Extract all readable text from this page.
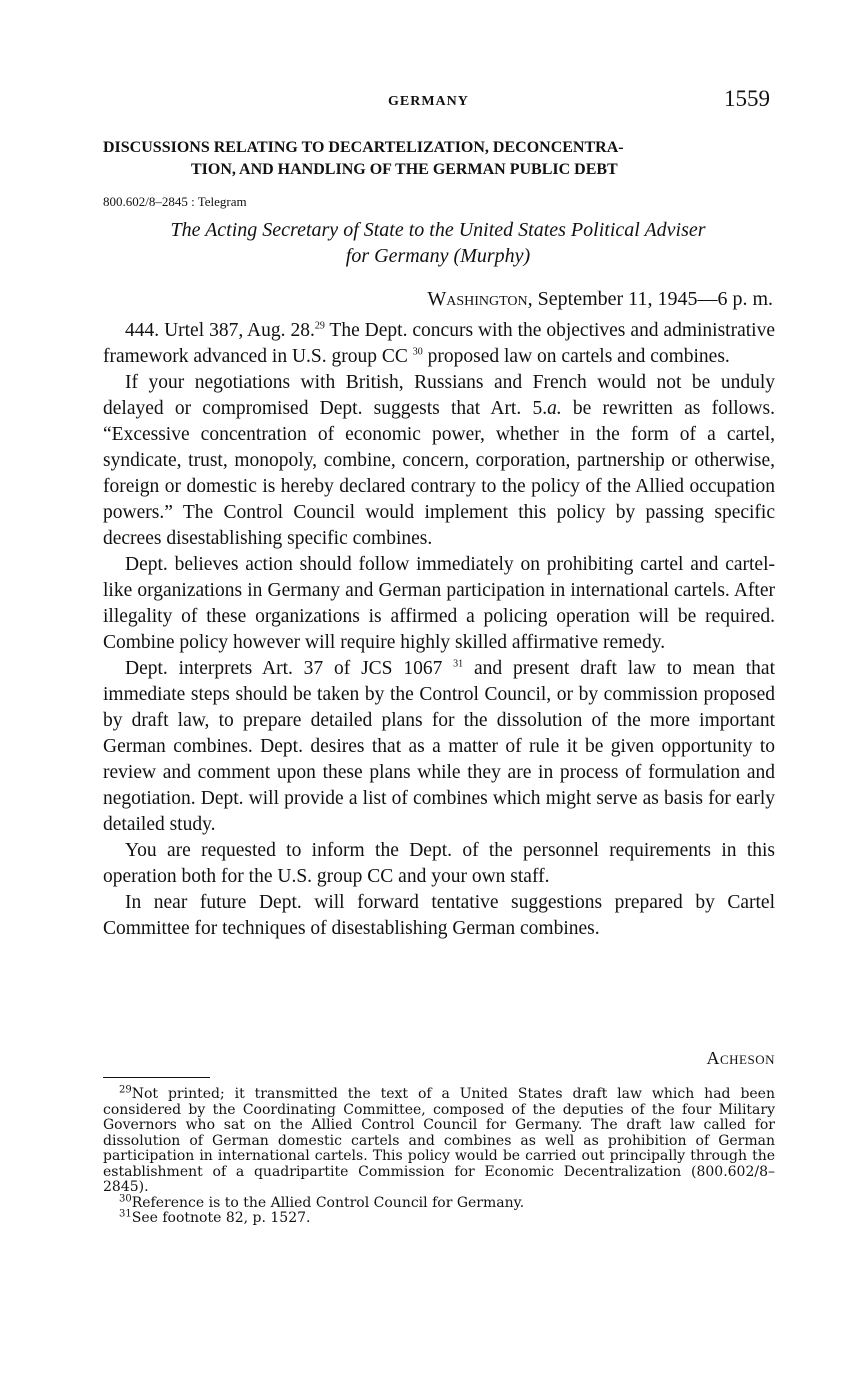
GERMANY	1559
DISCUSSIONS RELATING TO DECARTELIZATION, DECONCENTRA-
TION, AND HANDLING OF THE GERMAN PUBLIC DEBT
800.602/8–2845 : Telegram
The Acting Secretary of State to the United States Political Adviser
for Germany (Murphy)
Washington, September 11, 1945—6 p. m.

444. Urtel 387, Aug. 28.29 The Dept. concurs with the objectives and administrative framework advanced in U.S. group CC $^{30}$ proposed law on cartels and combines.

If your negotiations with British, Russians and French would not be unduly delayed or compromised Dept. suggests that Art. 5.a. be rewritten as follows. “Excessive concentration of economic power, whether in the form of a cartel, syndicate, trust, monopoly, combine, concern, corporation, partnership or otherwise, foreign or domestic is hereby declared contrary to the policy of the Allied occupation powers.” The Control Council would implement this policy by passing specific decrees disestablishing specific combines.

Dept. believes action should follow immediately on prohibiting cartel and cartel-like organizations in Germany and German participation in international cartels. After illegality of these organizations is affirmed a policing operation will be required. Combine policy however will require highly skilled affirmative remedy.

Dept. interprets Art. 37 of JCS 1067 $^{31}$ and present draft law to mean that immediate steps should be taken by the Control Council, or by commission proposed by draft law, to prepare detailed plans for the dissolution of the more important German combines. Dept. desires that as a matter of rule it be given opportunity to review and comment upon these plans while they are in process of formulation and negotiation. Dept. will provide a list of combines which might serve as basis for early detailed study.

You are requested to inform the Dept. of the personnel requirements in this operation both for the U.S. group CC and your own staff.

In near future Dept. will forward tentative suggestions prepared by Cartel Committee for techniques of disestablishing German combines.

Acheson

$^{29}$Not printed; it transmitted the text of a United States draft law which had been considered by the Coordinating Committee, composed of the deputies of the four Military Governors who sat on the Allied Control Council for Germany. The draft law called for dissolution of German domestic cartels and combines as well as prohibition of German participation in international cartels. This policy would be carried out principally through the establishment of a quadripartite Commission for Economic Decentralization (800.602/8–2845).

$^{30}$Reference is to the Allied Control Council for Germany.

$^{31}$See footnote 82, p. 1527.
